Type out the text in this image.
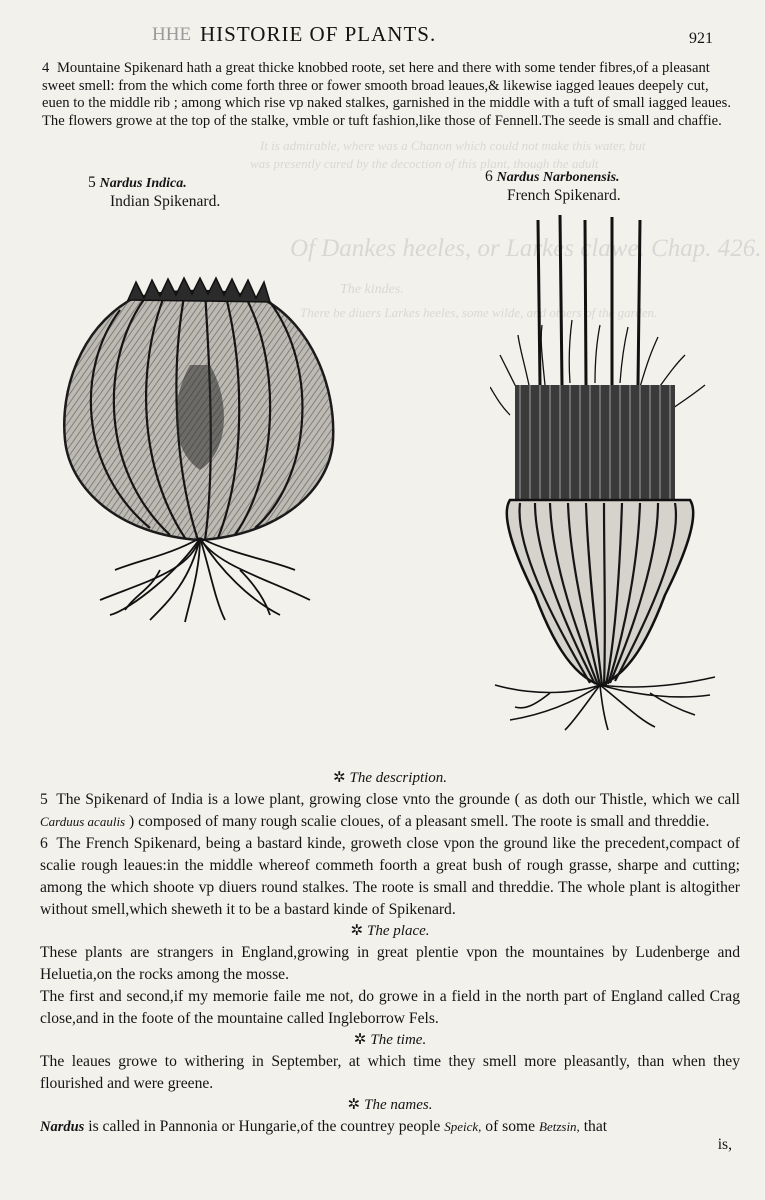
It is admirable, where was a Chanon which could not make this water, but
was presently cured by the decoction of this plant, though the adult
Of Dankes heeles, or Larkes clawe. Chap. 426.
The kindes.
There be diuers Larkes heeles, some wilde, and others of the garden.
HHE HISTORIE OF PLANTS.	921
4 Mountaine Spikenard hath a great thicke knobbed roote, set here and there with some tender fibres,of a pleasant sweet smell: from the which come forth three or fower smooth broad leaues,& likewise iagged leaues deepely cut, euen to the middle rib ; among which rise vp naked stalkes, garnished in the middle with a tuft of small iagged leaues. The flowers growe at the top of the stalke, vmble or tuft fashion,like those of Fennell.The seede is small and chaffie.
5 Nardus Indica.
Indian Spikenard.
6 Nardus Narbonensis.
French Spikenard.
✲ The description.

5 The Spikenard of India is a lowe plant, growing close vnto the grounde ( as doth our Thistle, which we call Carduus acaulis ) composed of many rough scalie cloues, of a pleasant smell. The roote is small and threddie.

6 The French Spikenard, being a bastard kinde, groweth close vpon the ground like the precedent,compact of scalie rough leaues:in the middle whereof commeth foorth a great bush of rough grasse, sharpe and cutting; among the which shoote vp diuers round stalkes. The roote is small and threddie. The whole plant is altogither without smell,which sheweth it to be a bastard kinde of Spikenard.

✲ The place.

These plants are strangers in England,growing in great plentie vpon the mountaines by Ludenberge and Heluetia,on the rocks among the mosse.

The first and second,if my memorie faile me not, do growe in a field in the north part of England called Crag close,and in the foote of the mountaine called Ingleborrow Fels.

✲ The time.

The leaues growe to withering in September, at which time they smell more pleasantly, than when they flourished and were greene.

✲ The names.

Nardus is called in Pannonia or Hungarie,of the countrey people Speick, of some Betzsin, that

is,
